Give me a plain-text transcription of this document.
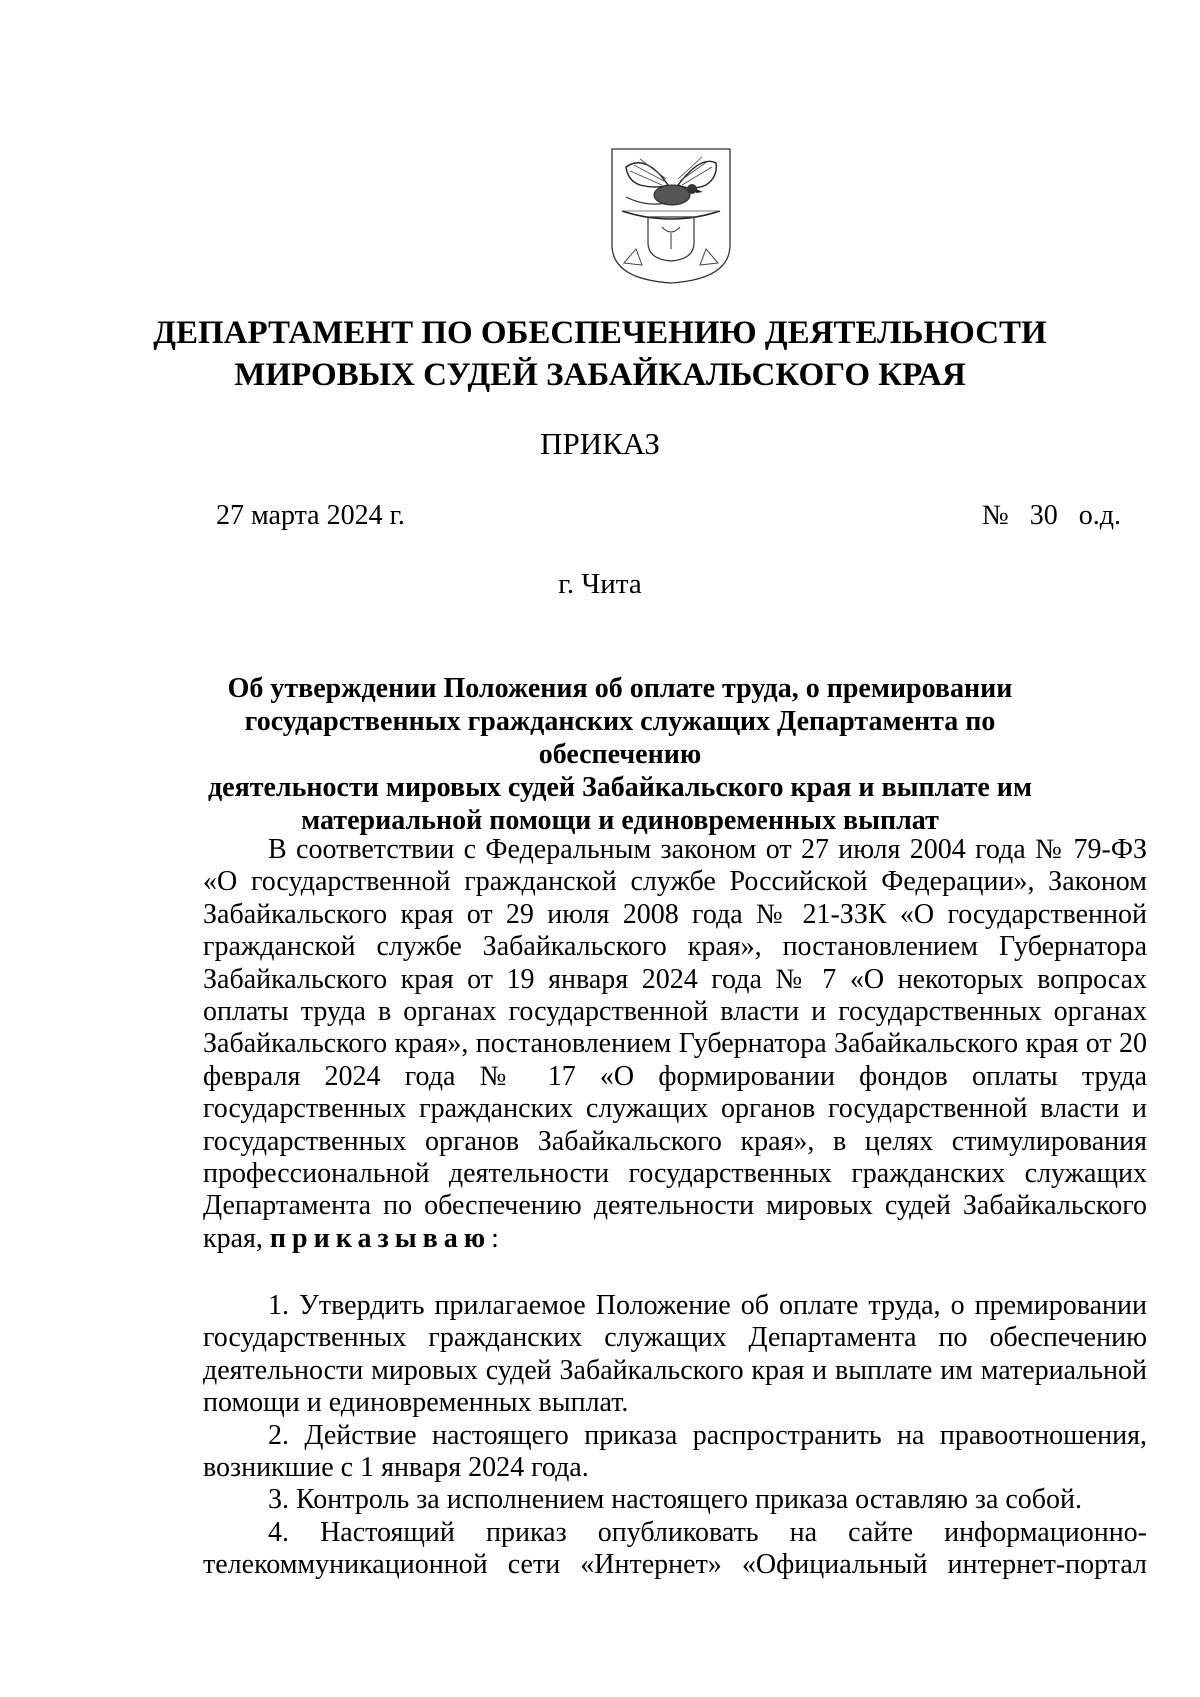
ДЕПАРТАМЕНТ ПО ОБЕСПЕЧЕНИЮ ДЕЯТЕЛЬНОСТИ
МИРОВЫХ СУДЕЙ ЗАБАЙКАЛЬСКОГО КРАЯ
ПРИКАЗ
27 марта 2024 г.	№ 30 о.д.
г. Чита
Об утверждении Положения об оплате труда, о премировании
государственных гражданских служащих Департамента по обеспечению
деятельности мировых судей Забайкальского края и выплате им
материальной помощи и единовременных выплат

В соответствии с Федеральным законом от 27 июля 2004 года № 79-ФЗ «О государственной гражданской службе Российской Федерации», Законом Забайкальского края от 29 июля 2008 года № 21-ЗЗК «О государственной гражданской службе Забайкальского края», постановлением Губернатора Забайкальского края от 19 января 2024 года № 7 «О некоторых вопросах оплаты труда в органах государственной власти и государственных органах Забайкальского края», постановлением Губернатора Забайкальского края от 20 февраля 2024 года № 17 «О формировании фондов оплаты труда государственных гражданских служащих органов государственной власти и государственных органов Забайкальского края», в целях стимулирования профессиональной деятельности государственных гражданских служащих Департамента по обеспечению деятельности мировых судей Забайкальского края, приказываю:

1. Утвердить прилагаемое Положение об оплате труда, о премировании государственных гражданских служащих Департамента по обеспечению деятельности мировых судей Забайкальского края и выплате им материальной помощи и единовременных выплат.

2. Действие настоящего приказа распространить на правоотношения, возникшие с 1 января 2024 года.

3. Контроль за исполнением настоящего приказа оставляю за собой.

4. Настоящий приказ опубликовать на сайте информационно-телекоммуникационной сети «Интернет» «Официальный интернет-портал
